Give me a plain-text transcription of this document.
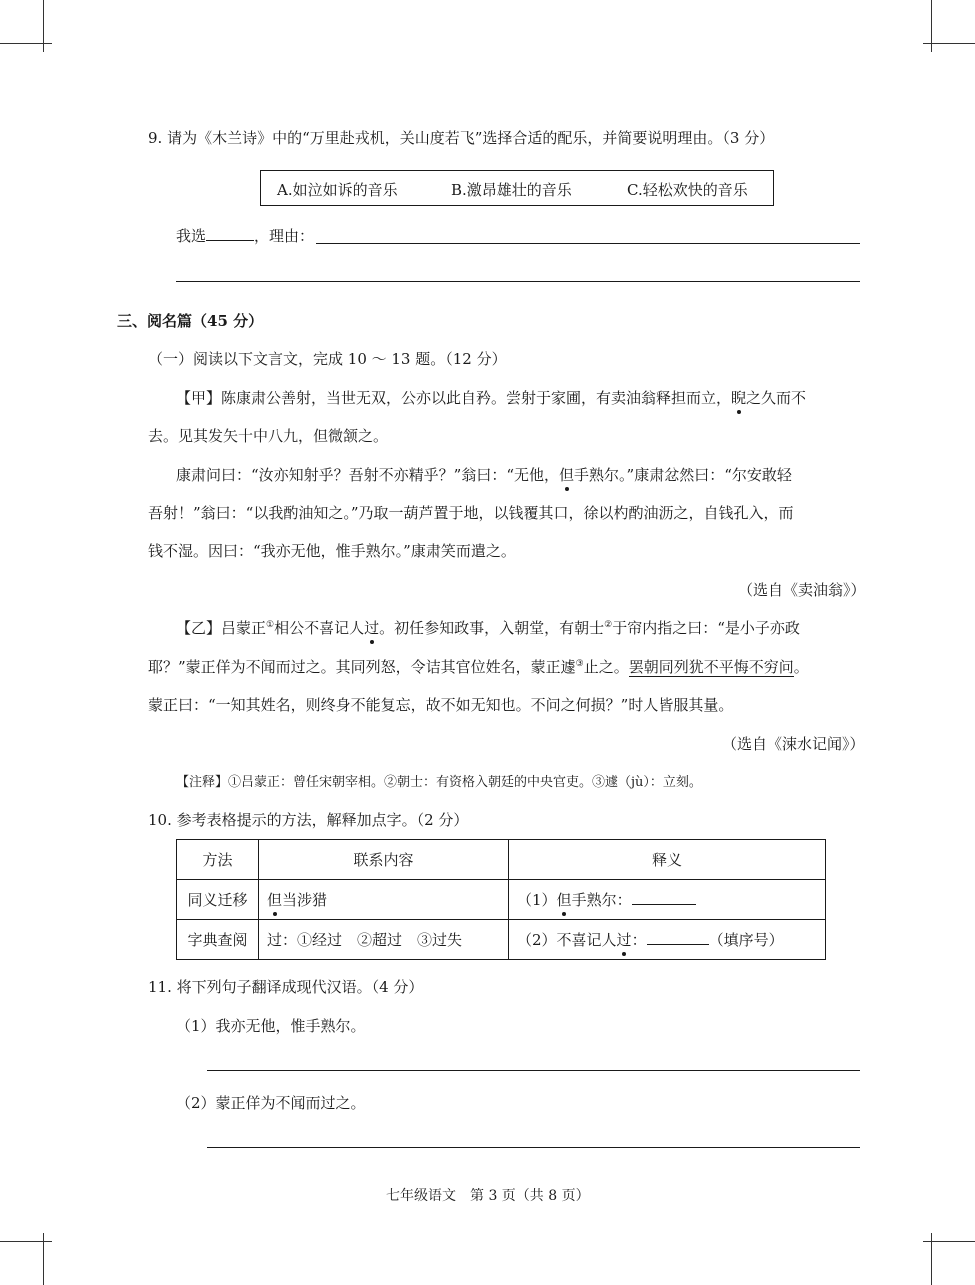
9. 请为《木兰诗》中的“万里赴戎机，关山度若飞”选择合适的配乐，并简要说明理由。（3 分）
A.如泣如诉的音乐	B.激昂雄壮的音乐	C.轻松欢快的音乐
我选	，理由：
三、阅名篇（45 分）
（一）阅读以下文言文，完成 10 ～ 13 题。（12 分）
【甲】陈康肃公善射，当世无双，公亦以此自矜。尝射于家圃，有卖油翁释担而立，睨之久而不
去。见其发矢十中八九，但微颔之。
康肃问曰：“汝亦知射乎？吾射不亦精乎？”翁曰：“无他，但手熟尔。”康肃忿然曰：“尔安敢轻
吾射！”翁曰：“以我酌油知之。”乃取一葫芦置于地，以钱覆其口，徐以杓酌油沥之，自钱孔入，而
钱不湿。因曰：“我亦无他，惟手熟尔。”康肃笑而遣之。
（选自《卖油翁》）
【乙】吕蒙正①相公不喜记人过。初任参知政事，入朝堂，有朝士②于帘内指之曰：“是小子亦政
耶？”蒙正佯为不闻而过之。其同列怒，令诘其官位姓名，蒙正遽③止之。罢朝同列犹不平悔不穷问。
蒙正曰：“一知其姓名，则终身不能复忘，故不如无知也。不问之何损？”时人皆服其量。
（选自《涑水记闻》）
【注释】①吕蒙正：曾任宋朝宰相。②朝士：有资格入朝廷的中央官吏。③遽（jù）：立刻。
10. 参考表格提示的方法，解释加点字。（2 分）
方法	联系内容	释义
同义迁移	但当涉猎	（1）但手熟尔：
字典查阅	过：①经过　②超过　③过失	（2）不喜记人过： （填序号）
11. 将下列句子翻译成现代汉语。（4 分）
（1）我亦无他，惟手熟尔。
（2）蒙正佯为不闻而过之。
七年级语文　第 3 页（共 8 页）
